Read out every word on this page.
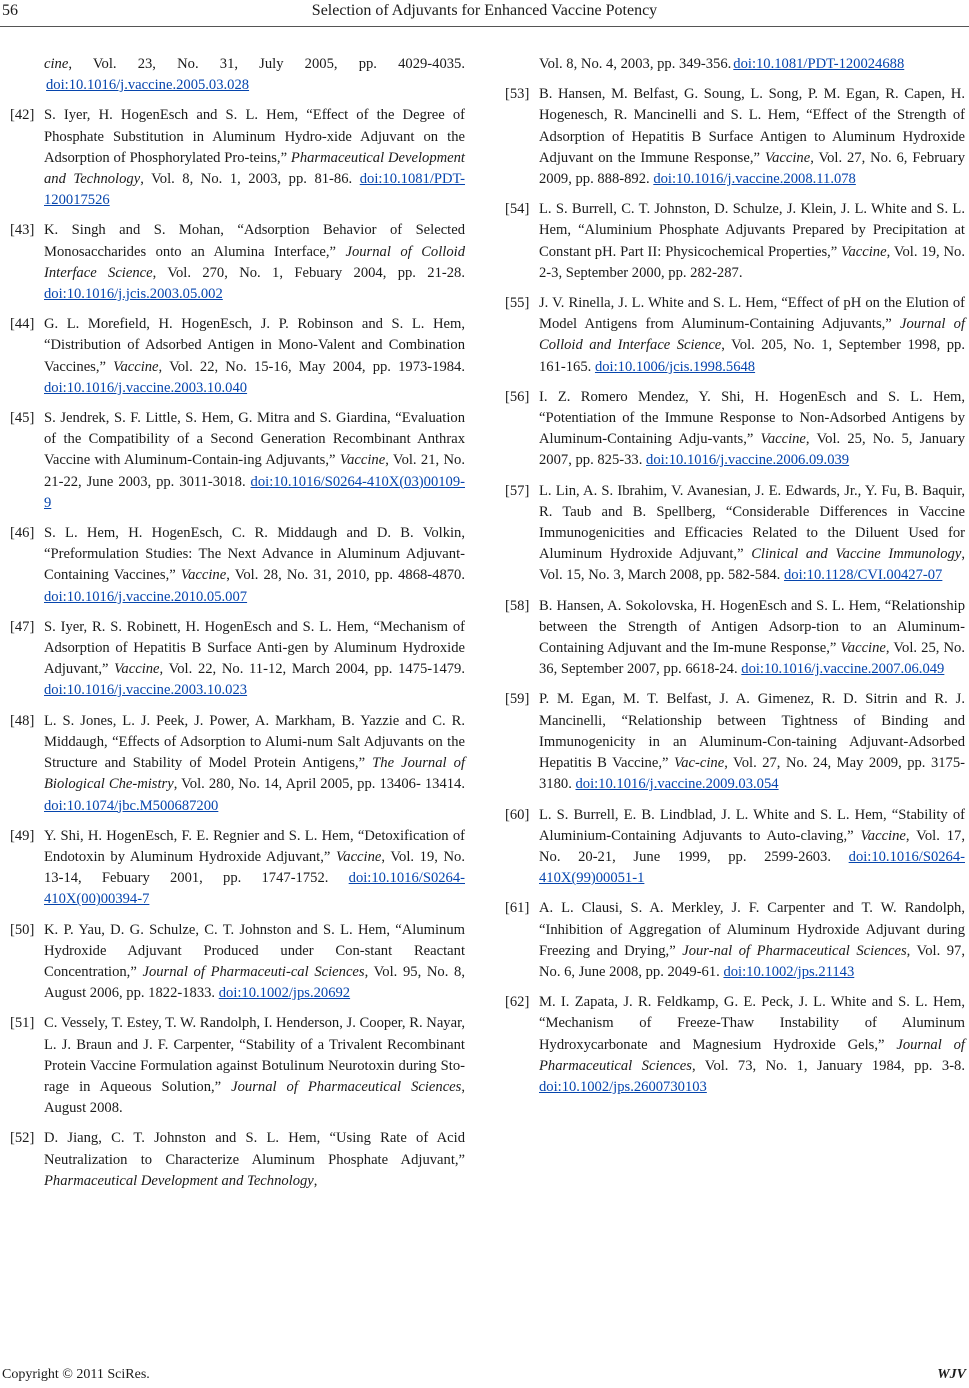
56	Selection of Adjuvants for Enhanced Vaccine Potency
cine, Vol. 23, No. 31, July 2005, pp. 4029-4035.doi:10.1016/j.vaccine.2005.03.028
[42] S. Iyer, H. HogenEsch and S. L. Hem, “Effect of the Degree of Phosphate Substitution in Aluminum Hydro-xide Adjuvant on the Adsorption of Phosphorylated Pro-teins,” Pharmaceutical Development and Technology, Vol. 8, No. 1, 2003, pp. 81-86. doi:10.1081/PDT-120017526
[43] K. Singh and S. Mohan, “Adsorption Behavior of Selected Monosaccharides onto an Alumina Interface,” Journal of Colloid Interface Science, Vol. 270, No. 1, Febuary 2004, pp. 21-28. doi:10.1016/j.jcis.2003.05.002
[44] G. L. Morefield, H. HogenEsch, J. P. Robinson and S. L. Hem, “Distribution of Adsorbed Antigen in Mono-Valent and Combination Vaccines,” Vaccine, Vol. 22, No. 15-16, May 2004, pp. 1973-1984. doi:10.1016/j.vaccine.2003.10.040
[45] S. Jendrek, S. F. Little, S. Hem, G. Mitra and S. Giardina, “Evaluation of the Compatibility of a Second Generation Recombinant Anthrax Vaccine with Aluminum-Contain-ing Adjuvants,” Vaccine, Vol. 21, No. 21-22, June 2003, pp. 3011-3018. doi:10.1016/S0264-410X(03)00109-9
[46] S. L. Hem, H. HogenEsch, C. R. Middaugh and D. B. Volkin, “Preformulation Studies: The Next Advance in Aluminum Adjuvant-Containing Vaccines,” Vaccine, Vol. 28, No. 31, 2010, pp. 4868-4870. doi:10.1016/j.vaccine.2010.05.007
[47] S. Iyer, R. S. Robinett, H. HogenEsch and S. L. Hem, “Mechanism of Adsorption of Hepatitis B Surface Anti-gen by Aluminum Hydroxide Adjuvant,” Vaccine, Vol. 22, No. 11-12, March 2004, pp. 1475-1479. doi:10.1016/j.vaccine.2003.10.023
[48] L. S. Jones, L. J. Peek, J. Power, A. Markham, B. Yazzie and C. R. Middaugh, “Effects of Adsorption to Alumi-num Salt Adjuvants on the Structure and Stability of Model Protein Antigens,” The Journal of Biological Che-mistry, Vol. 280, No. 14, April 2005, pp. 13406- 13414. doi:10.1074/jbc.M500687200
[49] Y. Shi, H. HogenEsch, F. E. Regnier and S. L. Hem, “Detoxification of Endotoxin by Aluminum Hydroxide Adjuvant,” Vaccine, Vol. 19, No. 13-14, Febuary 2001, pp. 1747-1752. doi:10.1016/S0264-410X(00)00394-7
[50] K. P. Yau, D. G. Schulze, C. T. Johnston and S. L. Hem, “Aluminum Hydroxide Adjuvant Produced under Con-stant Reactant Concentration,” Journal of Pharmaceuti-cal Sciences, Vol. 95, No. 8, August 2006, pp. 1822-1833. doi:10.1002/jps.20692
[51] C. Vessely, T. Estey, T. W. Randolph, I. Henderson, J. Cooper, R. Nayar, L. J. Braun and J. F. Carpenter, “Stability of a Trivalent Recombinant Protein Vaccine Formulation against Botulinum Neurotoxin during Sto-rage in Aqueous Solution,” Journal of Pharmaceutical Sciences, August 2008.
[52] D. Jiang, C. T. Johnston and S. L. Hem, “Using Rate of Acid Neutralization to Characterize Aluminum Phosphate Adjuvant,” Pharmaceutical Development and Technology,
Vol. 8, No. 4, 2003, pp. 349-356. doi:10.1081/PDT-120024688
[53] B. Hansen, M. Belfast, G. Soung, L. Song, P. M. Egan, R. Capen, H. Hogenesch, R. Mancinelli and S. L. Hem, “Effect of the Strength of Adsorption of Hepatitis B Surface Antigen to Aluminum Hydroxide Adjuvant on the Immune Response,” Vaccine, Vol. 27, No. 6, February 2009, pp. 888-892. doi:10.1016/j.vaccine.2008.11.078
[54] L. S. Burrell, C. T. Johnston, D. Schulze, J. Klein, J. L. White and S. L. Hem, “Aluminium Phosphate Adjuvants Prepared by Precipitation at Constant pH. Part II: Physicochemical Properties,” Vaccine, Vol. 19, No. 2-3, September 2000, pp. 282-287.
[55] J. V. Rinella, J. L. White and S. L. Hem, “Effect of pH on the Elution of Model Antigens from Aluminum-Containing Adjuvants,” Journal of Colloid and Interface Science, Vol. 205, No. 1, September 1998, pp. 161-165. doi:10.1006/jcis.1998.5648
[56] I. Z. Romero Mendez, Y. Shi, H. HogenEsch and S. L. Hem, “Potentiation of the Immune Response to Non-Adsorbed Antigens by Aluminum-Containing Adju-vants,” Vaccine, Vol. 25, No. 5, January 2007, pp. 825-33. doi:10.1016/j.vaccine.2006.09.039
[57] L. Lin, A. S. Ibrahim, V. Avanesian, J. E. Edwards, Jr., Y. Fu, B. Baquir, R. Taub and B. Spellberg, “Considerable Differences in Vaccine Immunogenicities and Efficacies Related to the Diluent Used for Aluminum Hydroxide Adjuvant,” Clinical and Vaccine Immunology, Vol. 15, No. 3, March 2008, pp. 582-584. doi:10.1128/CVI.00427-07
[58] B. Hansen, A. Sokolovska, H. HogenEsch and S. L. Hem, “Relationship between the Strength of Antigen Adsorp-tion to an Aluminum-Containing Adjuvant and the Im-mune Response,” Vaccine, Vol. 25, No. 36, September 2007, pp. 6618-24. doi:10.1016/j.vaccine.2007.06.049
[59] P. M. Egan, M. T. Belfast, J. A. Gimenez, R. D. Sitrin and R. J. Mancinelli, “Relationship between Tightness of Binding and Immunogenicity in an Aluminum-Con-taining Adjuvant-Adsorbed Hepatitis B Vaccine,” Vac-cine, Vol. 27, No. 24, May 2009, pp. 3175-3180. doi:10.1016/j.vaccine.2009.03.054
[60] L. S. Burrell, E. B. Lindblad, J. L. White and S. L. Hem, “Stability of Aluminium-Containing Adjuvants to Auto-claving,” Vaccine, Vol. 17, No. 20-21, June 1999, pp. 2599-2603. doi:10.1016/S0264-410X(99)00051-1
[61] A. L. Clausi, S. A. Merkley, J. F. Carpenter and T. W. Randolph, “Inhibition of Aggregation of Aluminum Hydroxide Adjuvant during Freezing and Drying,” Jour-nal of Pharmaceutical Sciences, Vol. 97, No. 6, June 2008, pp. 2049-61. doi:10.1002/jps.21143
[62] M. I. Zapata, J. R. Feldkamp, G. E. Peck, J. L. White and S. L. Hem, “Mechanism of Freeze-Thaw Instability of Aluminum Hydroxycarbonate and Magnesium Hydroxide Gels,” Journal of Pharmaceutical Sciences, Vol. 73, No. 1, January 1984, pp. 3-8. doi:10.1002/jps.2600730103
Copyright © 2011 SciRes.	WJV
